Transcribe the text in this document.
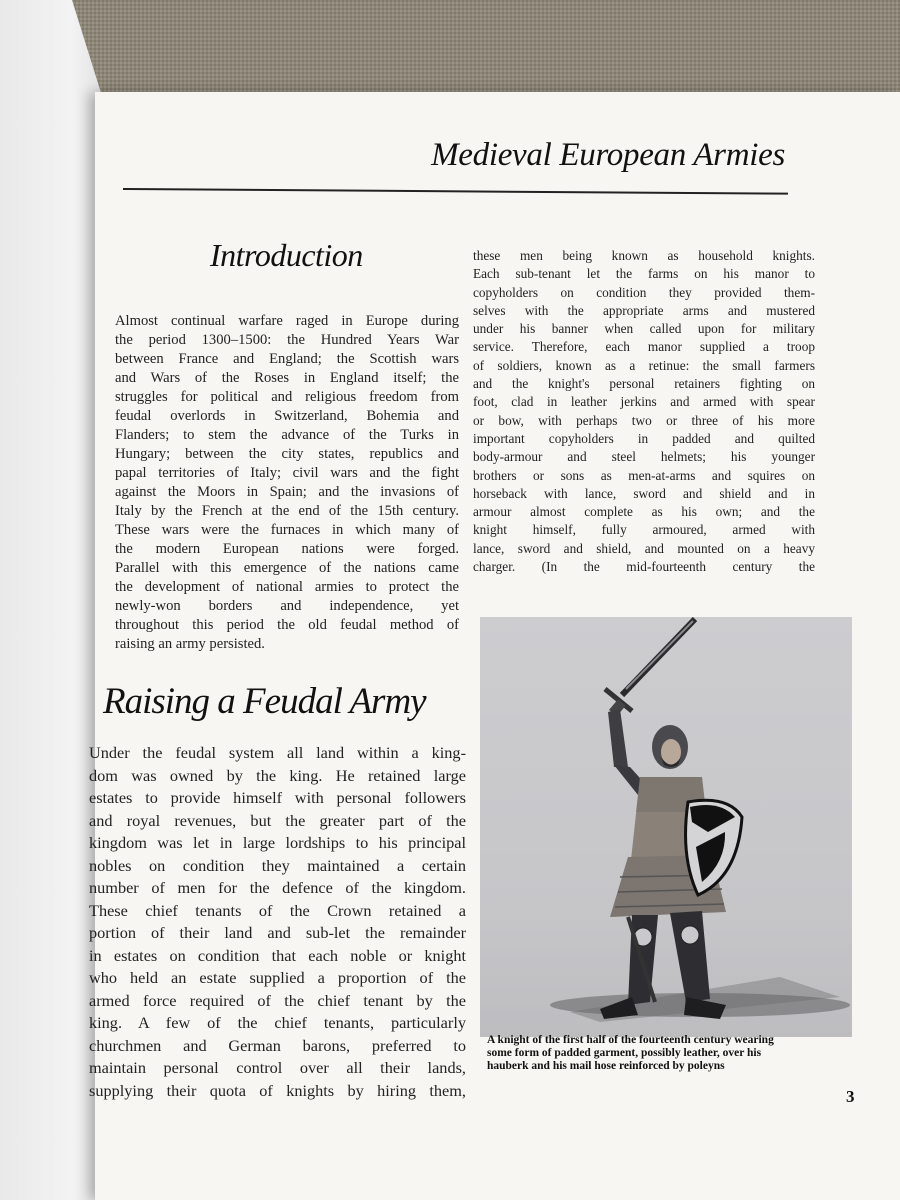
Medieval European Armies
Introduction
Almost continual warfare raged in Europe during
the period 1300–1500: the Hundred Years War
between France and England; the Scottish wars
and Wars of the Roses in England itself; the
struggles for political and religious freedom from
feudal overlords in Switzerland, Bohemia and
Flanders; to stem the advance of the Turks in
Hungary; between the city states, republics and
papal territories of Italy; civil wars and the fight
against the Moors in Spain; and the invasions of
Italy by the French at the end of the 15th century.
These wars were the furnaces in which many of
the modern European nations were forged.
Parallel with this emergence of the nations came
the development of national armies to protect the
newly-won borders and independence, yet
throughout this period the old feudal method of
raising an army persisted.
Raising a Feudal Army
Under the feudal system all land within a king-
dom was owned by the king. He retained large
estates to provide himself with personal followers
and royal revenues, but the greater part of the
kingdom was let in large lordships to his principal
nobles on condition they maintained a certain
number of men for the defence of the kingdom.
These chief tenants of the Crown retained a
portion of their land and sub-let the remainder
in estates on condition that each noble or knight
who held an estate supplied a proportion of the
armed force required of the chief tenant by the
king. A few of the chief tenants, particularly
churchmen and German barons, preferred to
maintain personal control over all their lands,
supplying their quota of knights by hiring them,
these men being known as household knights.
Each sub-tenant let the farms on his manor to
copyholders on condition they provided them-
selves with the appropriate arms and mustered
under his banner when called upon for military
service. Therefore, each manor supplied a troop
of soldiers, known as a retinue: the small farmers
and the knight's personal retainers fighting on
foot, clad in leather jerkins and armed with spear
or bow, with perhaps two or three of his more
important copyholders in padded and quilted
body-armour and steel helmets; his younger
brothers or sons as men-at-arms and squires on
horseback with lance, sword and shield and in
armour almost complete as his own; and the
knight himself, fully armoured, armed with
lance, sword and shield, and mounted on a heavy
charger. (In the mid-fourteenth century the
A knight of the first half of the fourteenth century wearing
some form of padded garment, possibly leather, over his
hauberk and his mail hose reinforced by poleyns
3
